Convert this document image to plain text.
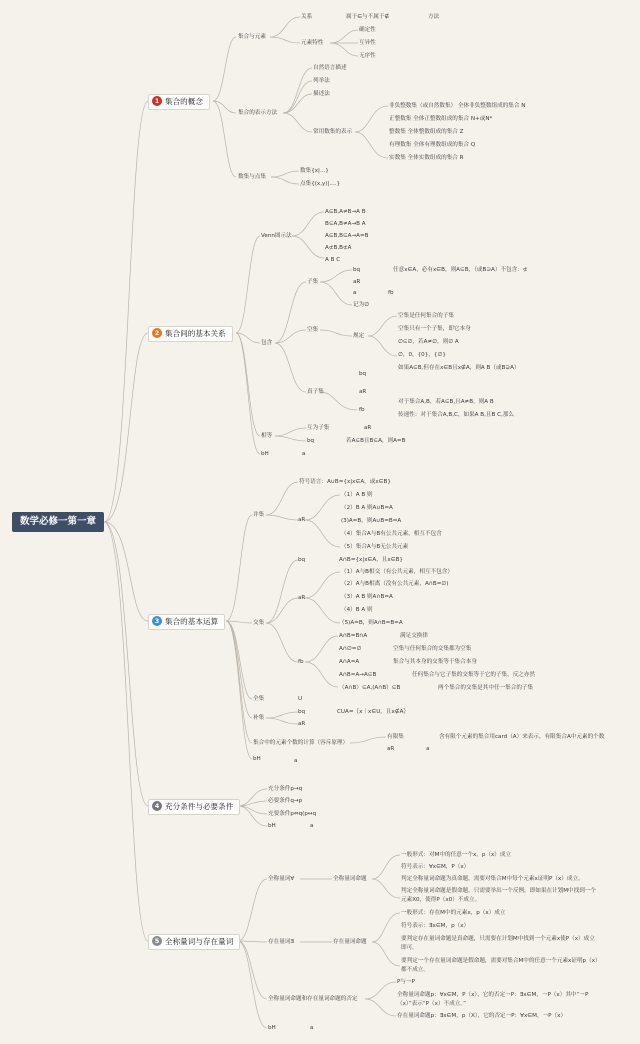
数学必修一第一章
1 集合的概念
2 集合间的基本关系
3 集合的基本运算
4 充分条件与必要条件
5 全称量词与存在量词
集合与元素
集合的表示方法
数集与点集
关系
元素特性
自然语言描述
列举法
描述法
常用数集的表示
数集{x|...}
点集{(x,y)|....}
属于∈与不属于∉	方法
确定性
互异性
无序性
非负整数集（或自然数集） 全体非负整数组成的集合 N
正整数集 全体正整数组成的集合 N+或N*
整数集 全体整数组成的集合 Z
有理数集 全体有理数组成的集合 Q
实数集 全体实数组成的集合 R
Venn图示法
包含
相等
bH	a
A⊆B,A≠B→A B
B⊆A,B≠A→B A
A⊆B,B⊆A→A=B
A⊄B,B⊄A
A B C
子集
真子集
空集
互为子集
bq
bq
aR
a	fb
记为∅
规定
bq
aR
fb
aR
任意x∈A，必有x∈B，则A⊆B，（或B⊇A）不包含：⊄
空集是任何集合的子集
空集只有一个子集，即它本身
∅⊆∅，若A≠∅，则∅ A
∅，0，{0}，{∅}
如果A⊆B,但存在x∈B且x∉A，则A B（或B⊋A）
对于集合A,B，若A⊆B,且A≠B，则A B
传递性：对于集合A,B,C，如果A B,且B C,那么
若A⊆B且B⊆A，则A=B
并集
交集
全集
补集
集合中的元素个数的计算（容斥原理）
bH
aR
bq
aR
fb
U
bq
aR
有限集
aR
a
a
符号语言：A∪B={x|x∈A，或x∈B}
（1）A B 则
（2）B A 则A∪B=A
(3)A=B，则A∪B=B=A
（4）集合A与B有公共元素，相互不包含
（5）集合A与B无公共元素
A∩B={x|x∈A，且x∈B}
（1）A与B相交（有公共元素，相互不包含）
（2）A与B相离（没有公共元素，A∩B=∅)
（3）A B 则A∩B=A
（4）B A 则
（5)A=B，则A∩B=B=A
A∩B=B∩A
A∩∅=∅
A∩A=A
A∩B=A→A⊆B
（A∩B）⊆A,(A∩B）⊆B
满足交换律
空集与任何集合的交集都为空集
集合与其本身的交集等于集合本身
任何集合与它子集的交集等于它的子集，反之亦然
两个集合的交集是其中任一集合的子集
CUA=｛x｜x∈U，且x∉A｝
含有限个元素的集合用card（A）来表示，有限集合A中元素的个数
充分条件p→q
必要条件q→p
充要条件p⇔q(p↔q
bH	a
全称量词∀
存在量词∃
全称量词命题和存在量词命题的否定
bH	a
全称量词命题
存在量词命题
一般形式：对M中的任意一个x，p（x）成立
符号表示：∀x∈M，P（x）
判定全称量词命题为真命题，需要对集合M中每个元素x证明P（x）成立。
判定全称量词命题是假命题，只需要举出一个反例。即如果在计划M中找到一个
元素X0，使得P（x0）不成立。
一般形式：存在M中的元素x，p（x）成立
符号表示：∃x∈M，p（x）
要判定存在量词命题是真命题，只需要在计划M中找到一个元素x使P（x）成立
即可。
要判定一个存在量词命题是假命题，需要对集合M中的任意一个元素x证明p（x）
都不成立。
P与￢P
全称量词命题p：∀x∈M，P（x），它的否定￢P：∃x∈M，￢P（x）其中“￢P
（x）”表示“P（x）不成立。”
存在量词命题p：∃x∈M，p（X），它的否定￢P：∀x∈M，￢P（x）
